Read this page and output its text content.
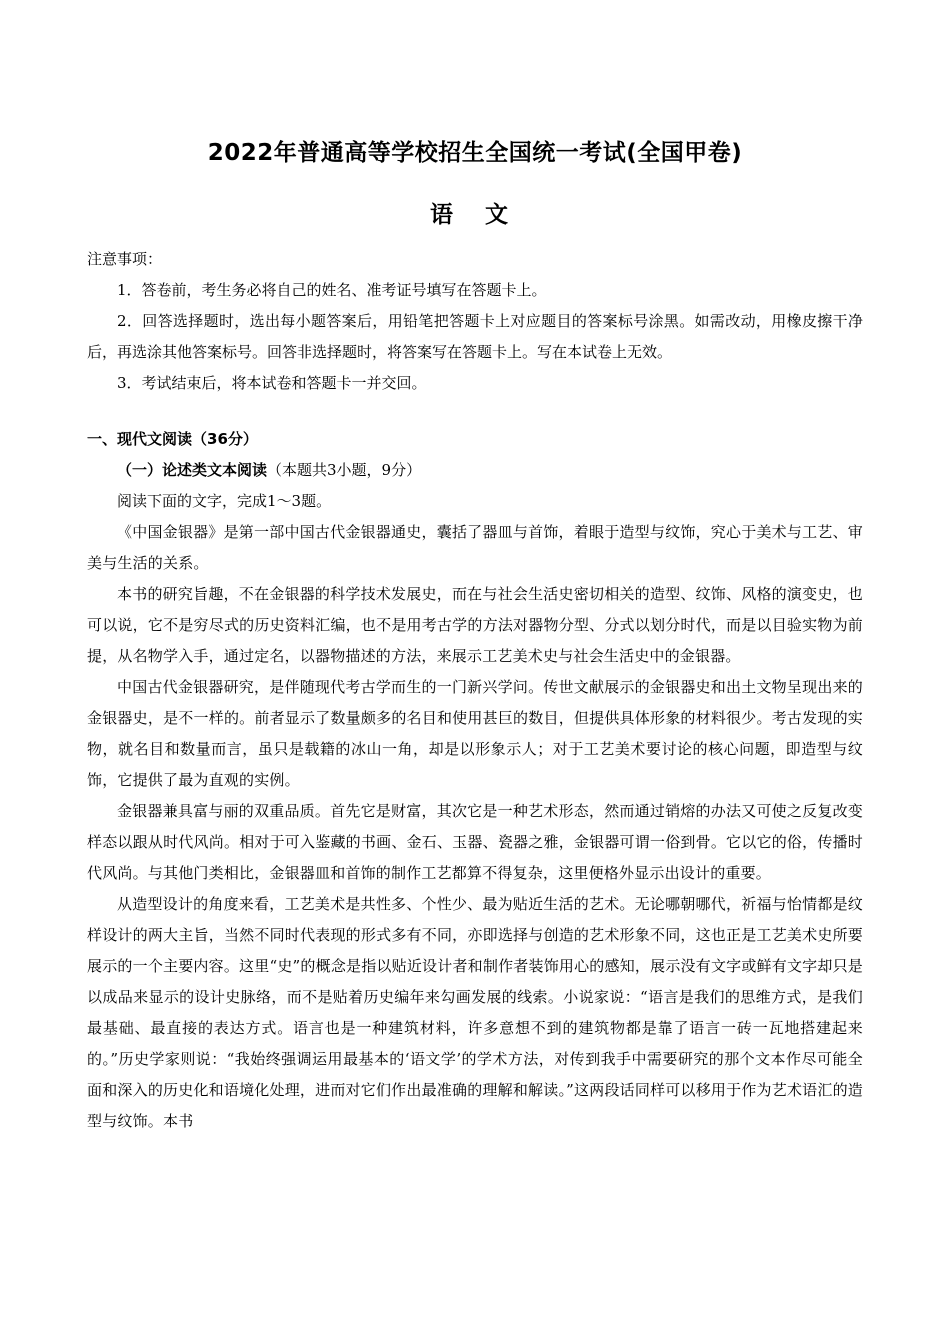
2022年普通高等学校招生全国统一考试(全国甲卷)
语 文

注意事项：

1．答卷前，考生务必将自己的姓名、准考证号填写在答题卡上。

2．回答选择题时，选出每小题答案后，用铅笔把答题卡上对应题目的答案标号涂黑。如需改动，用橡皮擦干净后，再选涂其他答案标号。回答非选择题时，将答案写在答题卡上。写在本试卷上无效。

3．考试结束后，将本试卷和答题卡一并交回。

一、现代文阅读（36分）

（一）论述类文本阅读（本题共3小题，9分）

阅读下面的文字，完成1～3题。

《中国金银器》是第一部中国古代金银器通史，囊括了器皿与首饰，着眼于造型与纹饰，究心于美术与工艺、审美与生活的关系。

本书的研究旨趣，不在金银器的科学技术发展史，而在与社会生活史密切相关的造型、纹饰、风格的演变史，也可以说，它不是穷尽式的历史资料汇编，也不是用考古学的方法对器物分型、分式以划分时代，而是以目验实物为前提，从名物学入手，通过定名，以器物描述的方法，来展示工艺美术史与社会生活史中的金银器。

中国古代金银器研究，是伴随现代考古学而生的一门新兴学问。传世文献展示的金银器史和出土文物呈现出来的金银器史，是不一样的。前者显示了数量颇多的名目和使用甚巨的数目，但提供具体形象的材料很少。考古发现的实物，就名目和数量而言，虽只是载籍的冰山一角，却是以形象示人；对于工艺美术要讨论的核心问题，即造型与纹饰，它提供了最为直观的实例。

金银器兼具富与丽的双重品质。首先它是财富，其次它是一种艺术形态，然而通过销熔的办法又可使之反复改变样态以跟从时代风尚。相对于可入鉴藏的书画、金石、玉器、瓷器之雅，金银器可谓一俗到骨。它以它的俗，传播时代风尚。与其他门类相比，金银器皿和首饰的制作工艺都算不得复杂，这里便格外显示出设计的重要。

从造型设计的角度来看，工艺美术是共性多、个性少、最为贴近生活的艺术。无论哪朝哪代，祈福与怡情都是纹样设计的两大主旨，当然不同时代表现的形式多有不同，亦即选择与创造的艺术形象不同，这也正是工艺美术史所要展示的一个主要内容。这里“史”的概念是指以贴近设计者和制作者装饰用心的感知，展示没有文字或鲜有文字却只是以成品来显示的设计史脉络，而不是贴着历史编年来勾画发展的线索。小说家说：“语言是我们的思维方式，是我们最基础、最直接的表达方式。语言也是一种建筑材料，许多意想不到的建筑物都是靠了语言一砖一瓦地搭建起来的。”历史学家则说：“我始终强调运用最基本的‘语文学’的学术方法，对传到我手中需要研究的那个文本作尽可能全面和深入的历史化和语境化处理，进而对它们作出最准确的理解和解读。”这两段话同样可以移用于作为艺术语汇的造型与纹饰。本书
